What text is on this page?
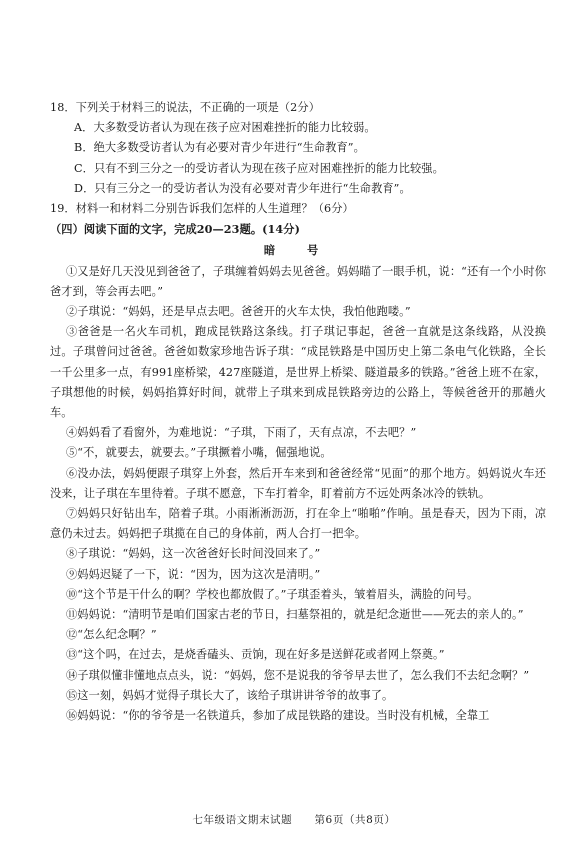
18．下列关于材料三的说法，不正确的一项是（2分）
A．大多数受访者认为现在孩子应对困难挫折的能力比较弱。
B．绝大多数受访者认为有必要对青少年进行“生命教育”。
C．只有不到三分之一的受访者认为现在孩子应对困难挫折的能力比较强。
D．只有三分之一的受访者认为没有必要对青少年进行“生命教育”。
19．材料一和材料二分别告诉我们怎样的人生道理？（6分）
（四）阅读下面的文字，完成20—23题。(14分)
暗 号
①又是好几天没见到爸爸了，子琪缠着妈妈去见爸爸。妈妈瞄了一眼手机，说：“还有一个小时你爸才到，等会再去吧。”
②子琪说：“妈妈，还是早点去吧。爸爸开的火车太快，我怕他跑喽。”
③爸爸是一名火车司机，跑成昆铁路这条线。打子琪记事起，爸爸一直就是这条线路，从没换过。子琪曾问过爸爸。爸爸如数家珍地告诉子琪：“成昆铁路是中国历史上第二条电气化铁路，全长一千公里多一点，有991座桥梁，427座隧道，是世界上桥梁、隧道最多的铁路。”爸爸上班不在家，子琪想他的时候，妈妈掐算好时间，就带上子琪来到成昆铁路旁边的公路上，等候爸爸开的那趟火车。
④妈妈看了看窗外，为难地说：“子琪，下雨了，天有点凉，不去吧？”
⑤“不，就要去，就要去。”子琪撅着小嘴，倔强地说。
⑥没办法，妈妈便跟子琪穿上外套，然后开车来到和爸爸经常“见面”的那个地方。妈妈说火车还没来，让子琪在车里待着。子琪不愿意，下车打着伞，盯着前方不远处两条冰冷的铁轨。
⑦妈妈只好钻出车，陪着子琪。小雨淅淅沥沥，打在伞上“啪啪”作响。虽是春天，因为下雨，凉意仍未过去。妈妈把子琪揽在自己的身体前，两人合打一把伞。
⑧子琪说：“妈妈，这一次爸爸好长时间没回来了。”
⑨妈妈迟疑了一下，说：“因为，因为这次是清明。”
⑩“这个节是干什么的啊？学校也都放假了。”子琪歪着头，皱着眉头，满脸的问号。
⑪妈妈说：“清明节是咱们国家古老的节日，扫墓祭祖的，就是纪念逝世——死去的亲人的。”
⑫“怎么纪念啊？”
⑬“这个吗，在过去，是烧香磕头、贡饷，现在好多是送鲜花或者网上祭奠。”
⑭子琪似懂非懂地点点头，说：“妈妈，您不是说我的爷爷早去世了，怎么我们不去纪念啊？”
⑮这一刻，妈妈才觉得子琪长大了，该给子琪讲讲爷爷的故事了。
⑯妈妈说：“你的爷爷是一名铁道兵，参加了成昆铁路的建设。当时没有机械，全靠工
七年级语文期末试题　　第6页（共8页）
